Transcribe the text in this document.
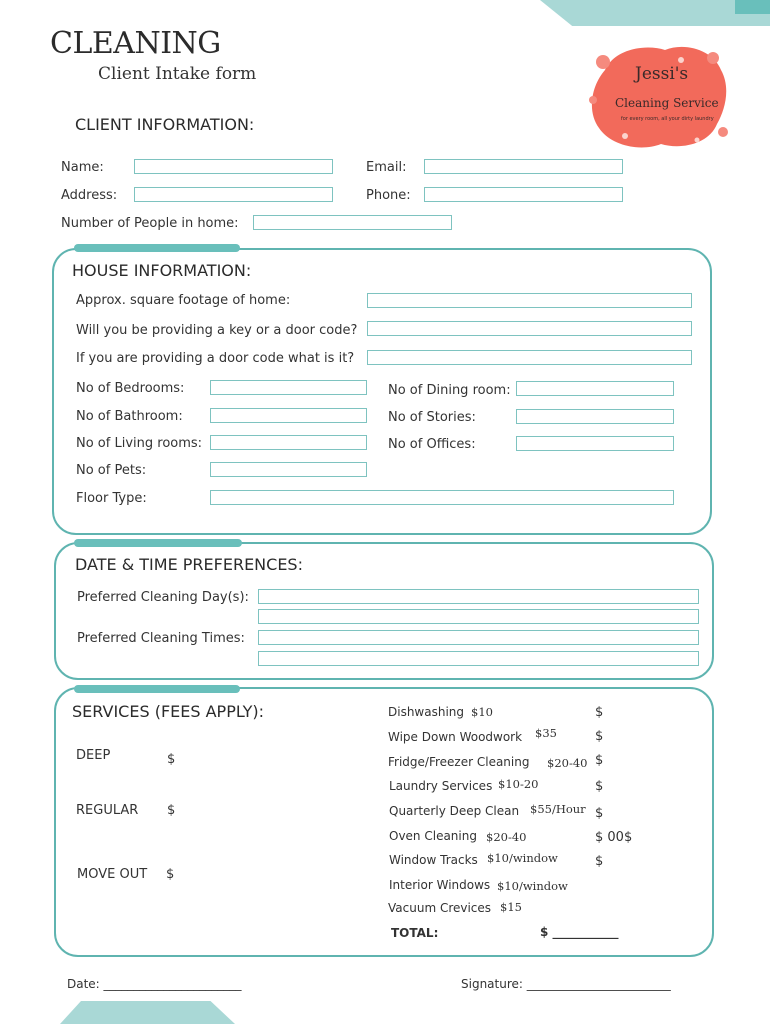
CLEANING
Client Intake form	Jessi's
Cleaning Service
for every room, all your dirty laundry
CLIENT INFORMATION:
Name:	Email:
Address:	Phone:
Number of People in home:
HOUSE INFORMATION:
Approx. square footage of home:
Will you be providing a key or a door code?
If you are providing a door code what is it?
No of Bedrooms:
No of Bathroom:
No of Living rooms:
No of Pets:
Floor Type:
No of Dining room:
No of Stories:
No of Offices:
DATE & TIME PREFERENCES:
Preferred Cleaning Day(s):
Preferred Cleaning Times:
SERVICES (FEES APPLY):
DEEP	$
REGULAR $
MOVE OUT $
Dishwashing $10	$
Wipe Down Woodwork $35	$
Fridge/Freezer Cleaning $20-40 $
Laundry Services $10-20	$
Quarterly Deep Clean $55/Hour $
Oven Cleaning $20-40	$ 00$
Window Tracks $10/window	$
Interior Windows $10/window
Vacuum Crevices $15
TOTAL:	$ ___________
Date: _______________________	Signature: ________________________
